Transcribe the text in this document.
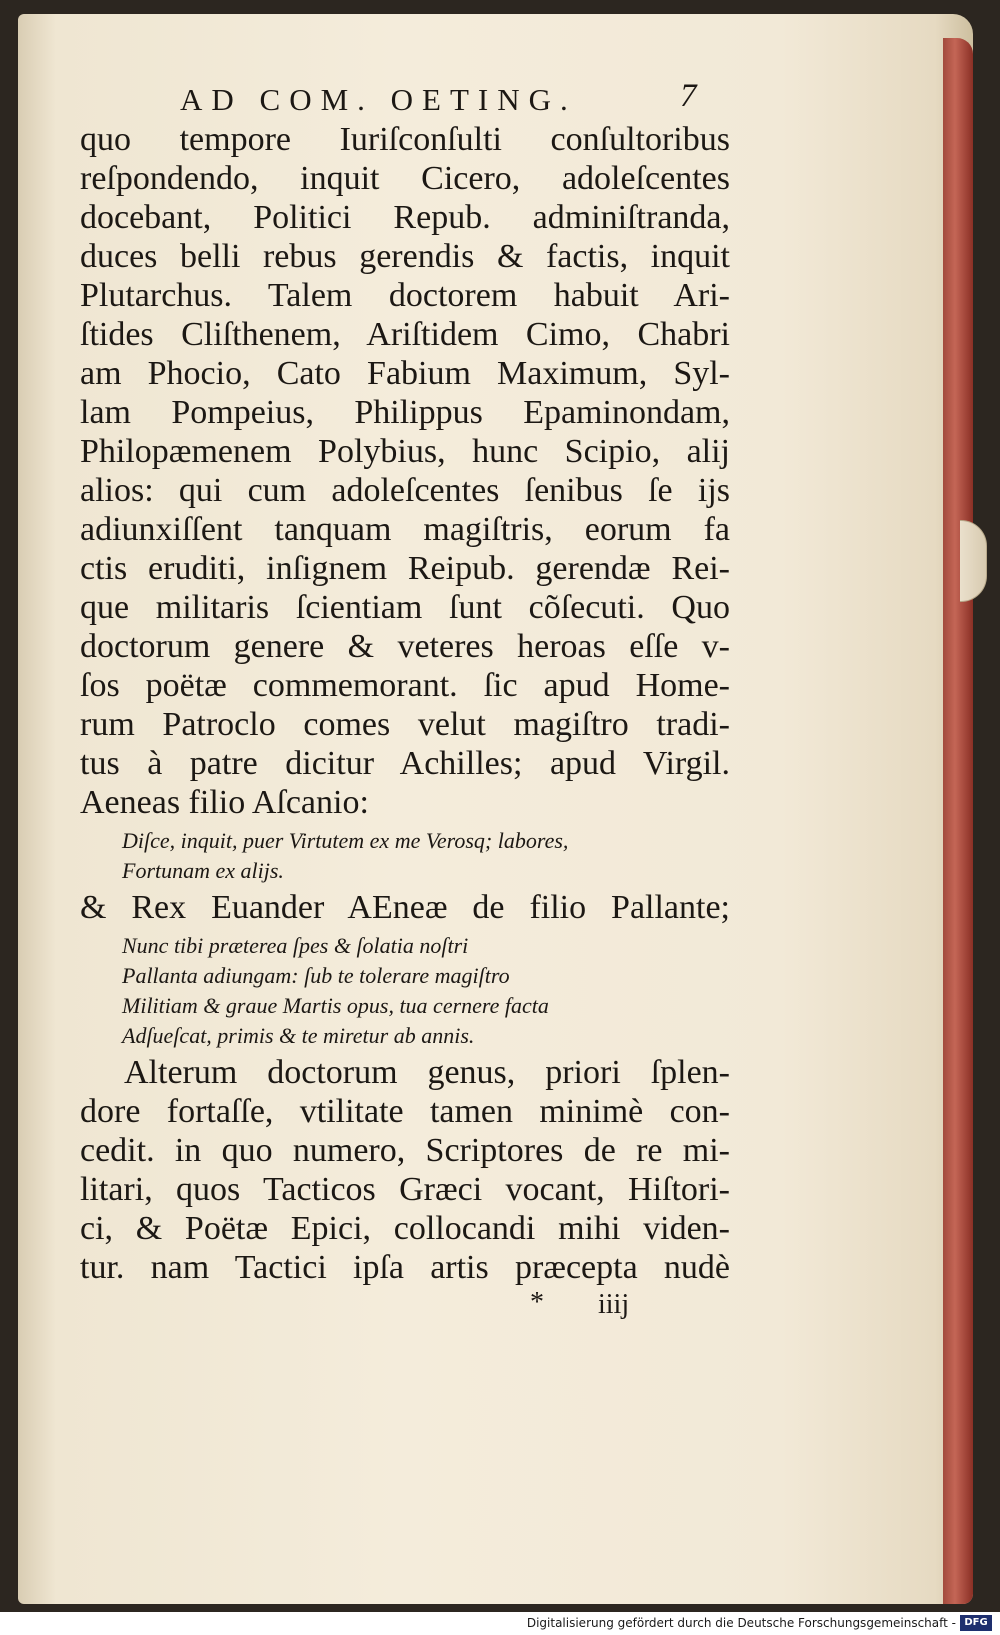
AD COM. OETING.	7
quo tempore Iuriſconſulti conſultoribus
reſpondendo, inquit Cicero, adoleſcentes
docebant, Politici Repub. adminiſtranda,
duces belli rebus gerendis & factis, inquit
Plutarchus. Talem doctorem habuit Ari-
ſtides Cliſthenem, Ariſtidem Cimo, Chabri
am Phocio, Cato Fabium Maximum, Syl-
lam Pompeius, Philippus Epaminondam,
Philopæmenem Polybius, hunc Scipio, alij
alios: qui cum adoleſcentes ſenibus ſe ijs
adiunxiſſent tanquam magiſtris, eorum fa
ctis eruditi, inſignem Reipub. gerendæ Rei-
que militaris ſcientiam ſunt cõſecuti. Quo
doctorum genere & veteres heroas eſſe v-
ſos poëtæ commemorant. ſic apud Home-
rum Patroclo comes velut magiſtro tradi-
tus à patre dicitur Achilles; apud Virgil.
Aeneas filio Aſcanio:
Diſce, inquit, puer Virtutem ex me Verosq; labores,
Fortunam ex alijs.
& Rex Euander AEneæ de filio Pallante;
Nunc tibi præterea ſpes & ſolatia noſtri
Pallanta adiungam: ſub te tolerare magiſtro
Militiam & graue Martis opus, tua cernere facta
Adſueſcat, primis & te miretur ab annis.
Alterum doctorum genus, priori ſplen-
dore fortaſſe, vtilitate tamen minimè con-
cedit. in quo numero, Scriptores de re mi-
litari, quos Tacticos Græci vocant, Hiſtori-
ci, & Poëtæ Epici, collocandi mihi viden-
tur. nam Tactici ipſa artis præcepta nudè
* iiij
Digitalisierung gefördert durch die Deutsche Forschungsgemeinschaft - DFG
